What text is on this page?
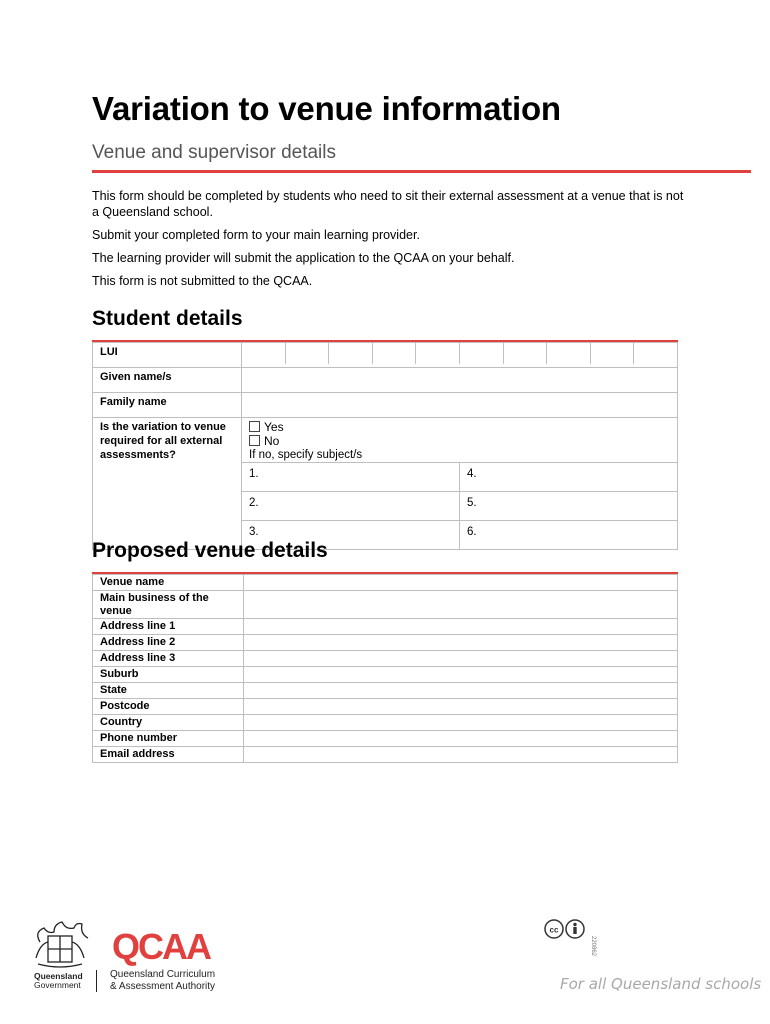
Variation to venue information
Venue and supervisor details

This form should be completed by students who need to sit their external assessment at a venue that is not a Queensland school.

Submit your completed form to your main learning provider.

The learning provider will submit the application to the QCAA on your behalf.

This form is not submitted to the QCAA.

Student details
LUI		

Given name/s		
Family name		
Is the variation to venue required for all external assessments?	Yes
No
If no, specify subject/s	

	1.	4.
	2.	5.
	3.	6.
Proposed venue details
Venue name	
Main business of the venue	
Address line 1	
Address line 2	
Address line 3	
Suburb	
State	
Postcode	
Country	
Phone number	
Email address	
Queensland
Government
QCAA
Queensland Curriculum
& Assessment Authority
cc
220862
For all Queensland schools
